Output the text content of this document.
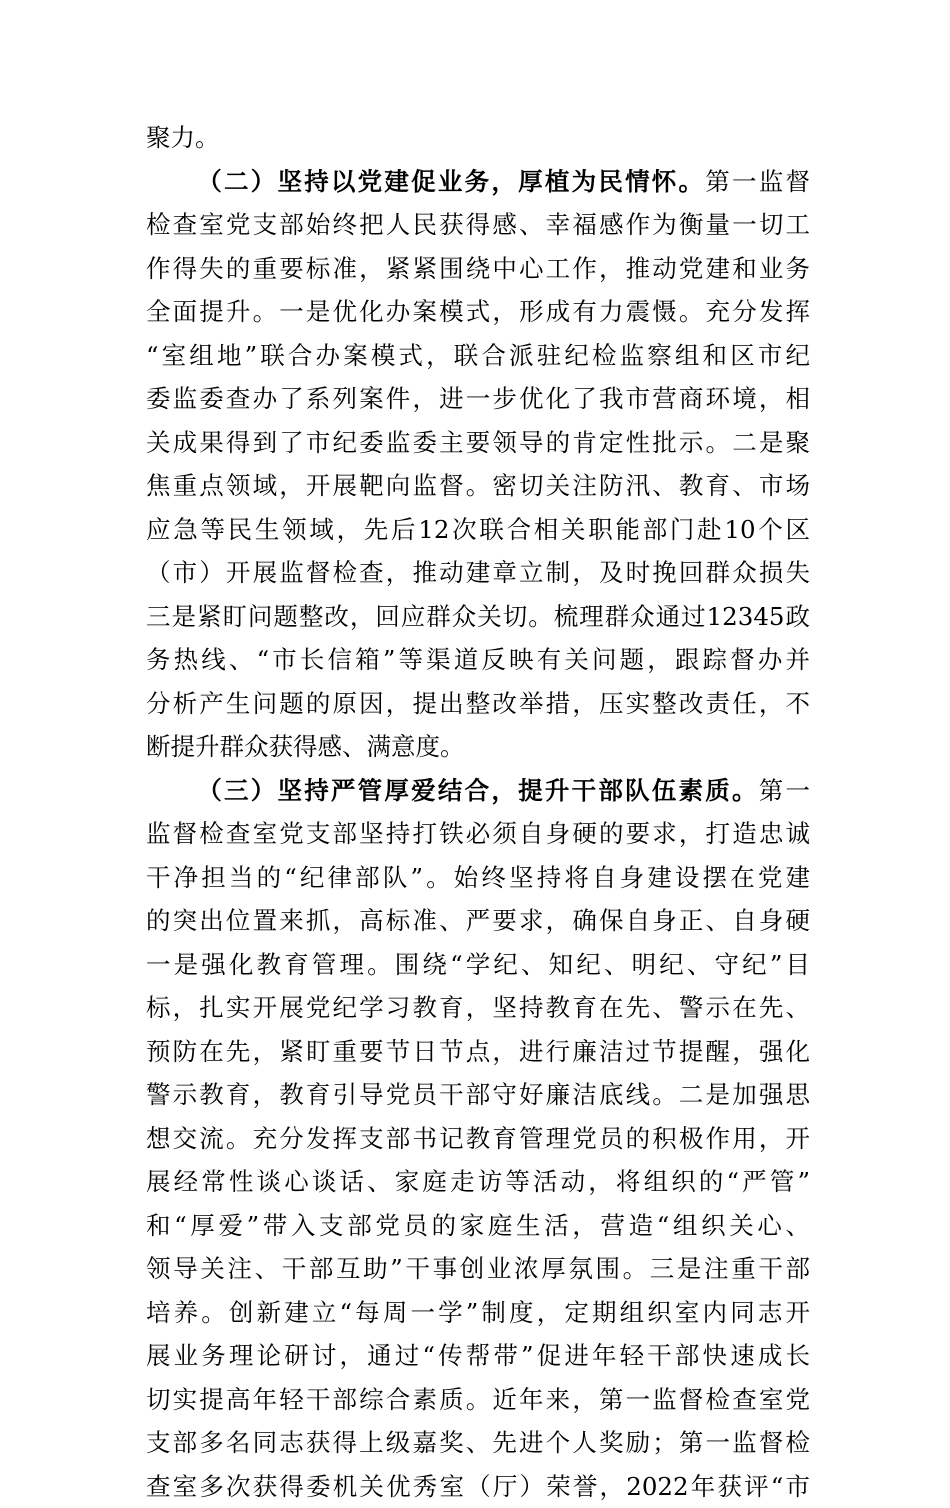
聚力。
（二）坚持以党建促业务，厚植为民情怀。第一监督
检查室党支部始终把人民获得感、幸福感作为衡量一切工
作得失的重要标准，紧紧围绕中心工作，推动党建和业务
全面提升。一是优化办案模式，形成有力震慑。充分发挥
“室组地”联合办案模式，联合派驻纪检监察组和区市纪
委监委查办了系列案件，进一步优化了我市营商环境，相
关成果得到了市纪委监委主要领导的肯定性批示。二是聚
焦重点领域，开展靶向监督。密切关注防汛、教育、市场
应急等民生领域，先后12次联合相关职能部门赴10个区
（市）开展监督检查，推动建章立制，及时挽回群众损失
三是紧盯问题整改，回应群众关切。梳理群众通过12345政
务热线、“市长信箱”等渠道反映有关问题，跟踪督办并
分析产生问题的原因，提出整改举措，压实整改责任，不
断提升群众获得感、满意度。
（三）坚持严管厚爱结合，提升干部队伍素质。第一
监督检查室党支部坚持打铁必须自身硬的要求，打造忠诚
干净担当的“纪律部队”。始终坚持将自身建设摆在党建
的突出位置来抓，高标准、严要求，确保自身正、自身硬
一是强化教育管理。围绕“学纪、知纪、明纪、守纪”目
标，扎实开展党纪学习教育，坚持教育在先、警示在先、
预防在先，紧盯重要节日节点，进行廉洁过节提醒，强化
警示教育，教育引导党员干部守好廉洁底线。二是加强思
想交流。充分发挥支部书记教育管理党员的积极作用，开
展经常性谈心谈话、家庭走访等活动，将组织的“严管”
和“厚爱”带入支部党员的家庭生活，营造“组织关心、
领导关注、干部互助”干事创业浓厚氛围。三是注重干部
培养。创新建立“每周一学”制度，定期组织室内同志开
展业务理论研讨，通过“传帮带”促进年轻干部快速成长
切实提高年轻干部综合素质。近年来，第一监督检查室党
支部多名同志获得上级嘉奖、先进个人奖励；第一监督检
查室多次获得委机关优秀室（厅）荣誉，2022年获评“市
